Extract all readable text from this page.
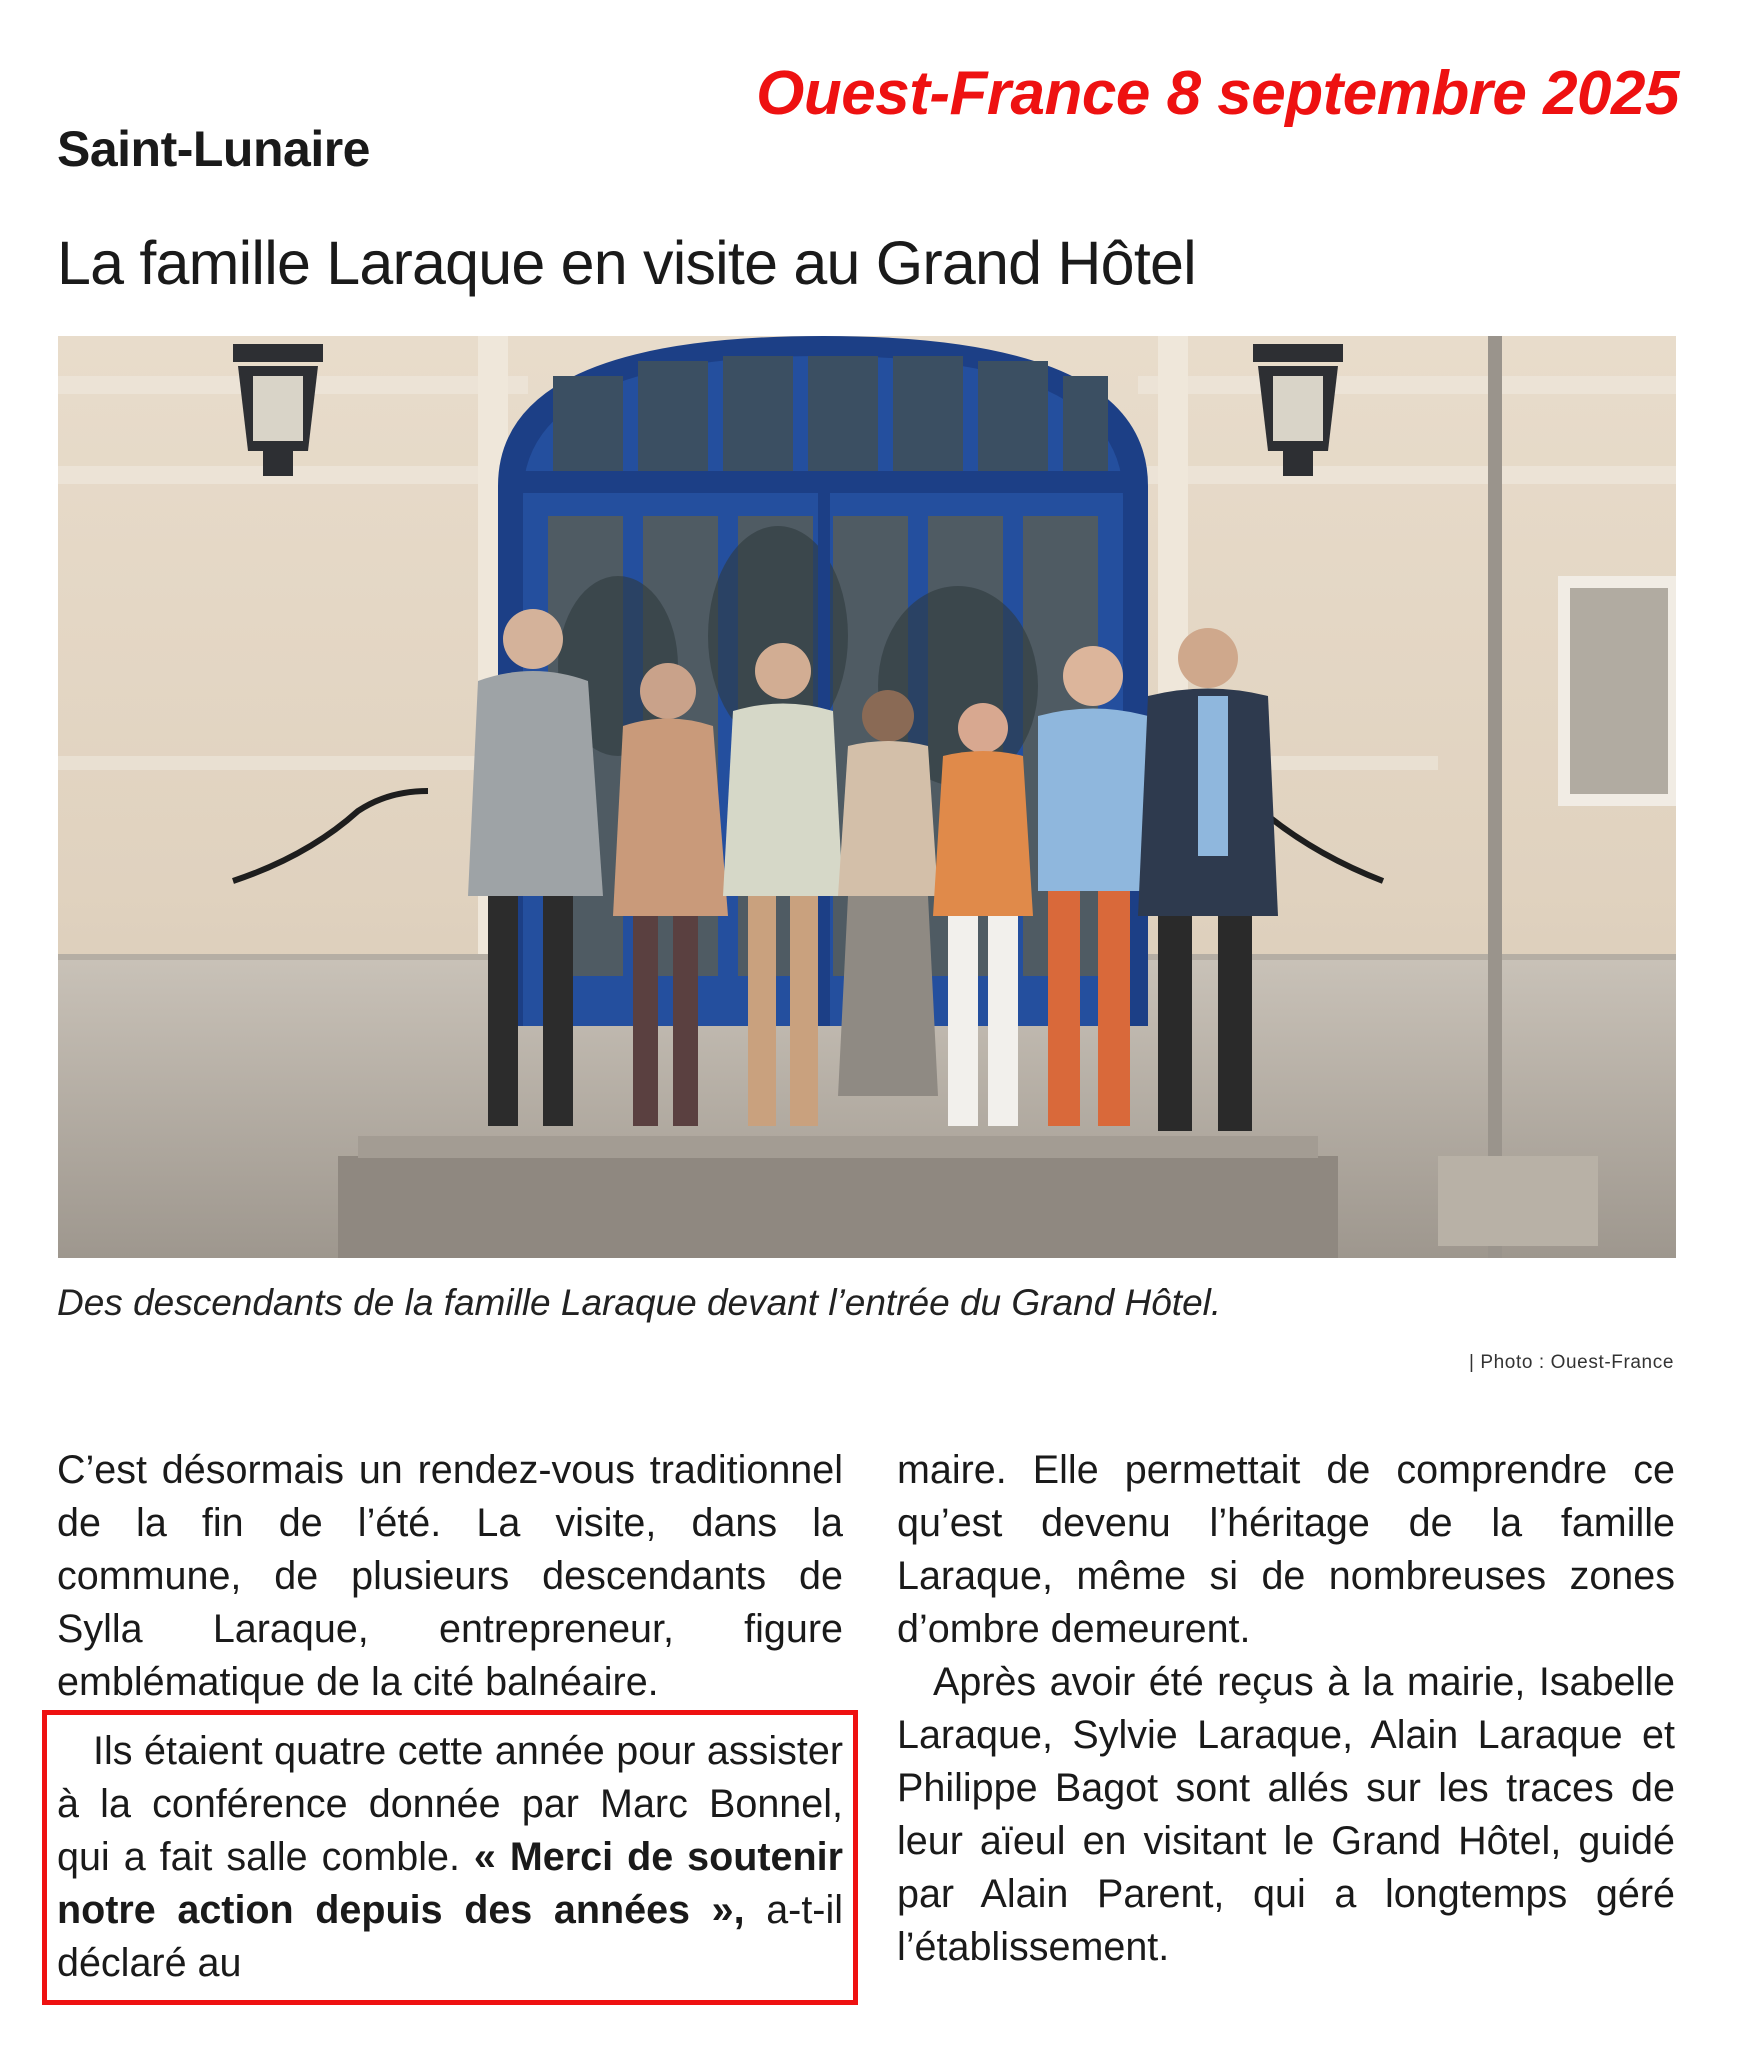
Ouest-France 8 septembre 2025
Saint-Lunaire
La famille Laraque en visite au Grand Hôtel
Des descendants de la famille Laraque devant l’entrée du Grand Hôtel.
| Photo : Ouest-France

C’est désormais un rendez-vous traditionnel de la fin de l’été. La visite, dans la commune, de plusieurs descendants de Sylla Laraque, entrepreneur, figure emblématique de la cité balnéaire.

Ils étaient quatre cette année pour assister à la conférence donnée par Marc Bonnel, qui a fait salle comble. « Merci de soutenir notre action depuis des années », a-t-il déclaré au

maire. Elle permettait de comprendre ce qu’est devenu l’héritage de la famille Laraque, même si de nombreuses zones d’ombre demeurent.

Après avoir été reçus à la mairie, Isabelle Laraque, Sylvie Laraque, Alain Laraque et Philippe Bagot sont allés sur les traces de leur aïeul en visitant le Grand Hôtel, guidé par Alain Parent, qui a longtemps géré l’établissement.
